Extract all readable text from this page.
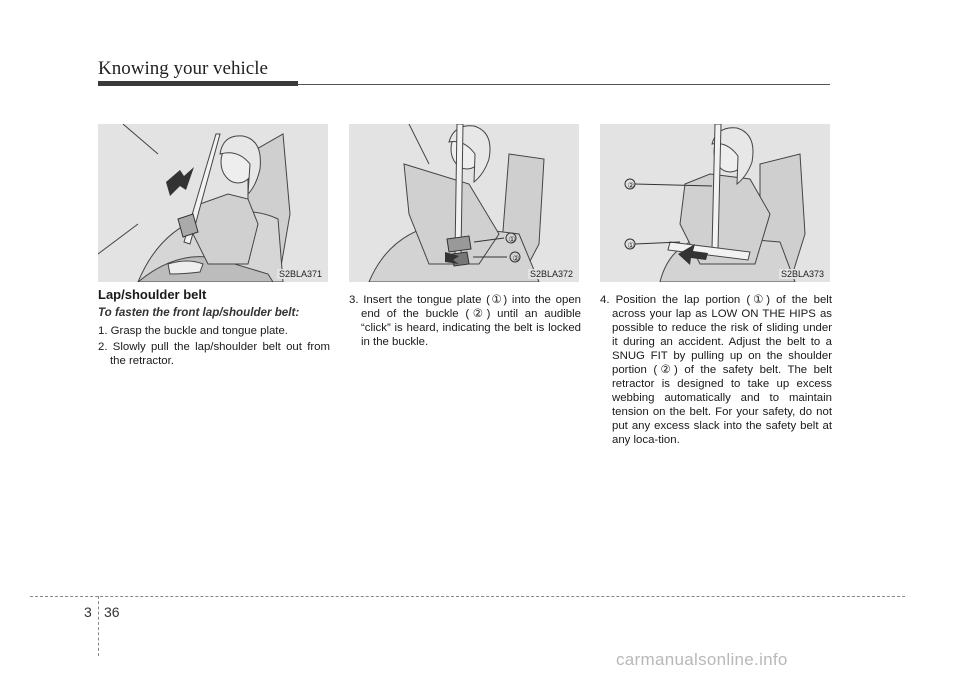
Knowing your vehicle
S2BLA371
①
②
S2BLA372
②
①
S2BLA373
Lap/shoulder belt
To fasten the front lap/shoulder belt:
1. Grasp the buckle and tongue plate.
2. Slowly pull the lap/shoulder belt out from the retractor.
3. Insert the tongue plate (①) into the open end of the buckle (②) until an audible “click” is heard, indicating the belt is locked in the buckle.
4. Position the lap portion (①) of the belt across your lap as LOW ON THE HIPS as possible to reduce the risk of sliding under it during an accident. Adjust the belt to a SNUG FIT by pulling up on the shoulder portion (②) of the safety belt. The belt retractor is designed to take up excess webbing automatically and to maintain tension on the belt. For your safety, do not put any excess slack into the safety belt at any loca-tion.
3 36
carmanualsonline.info
